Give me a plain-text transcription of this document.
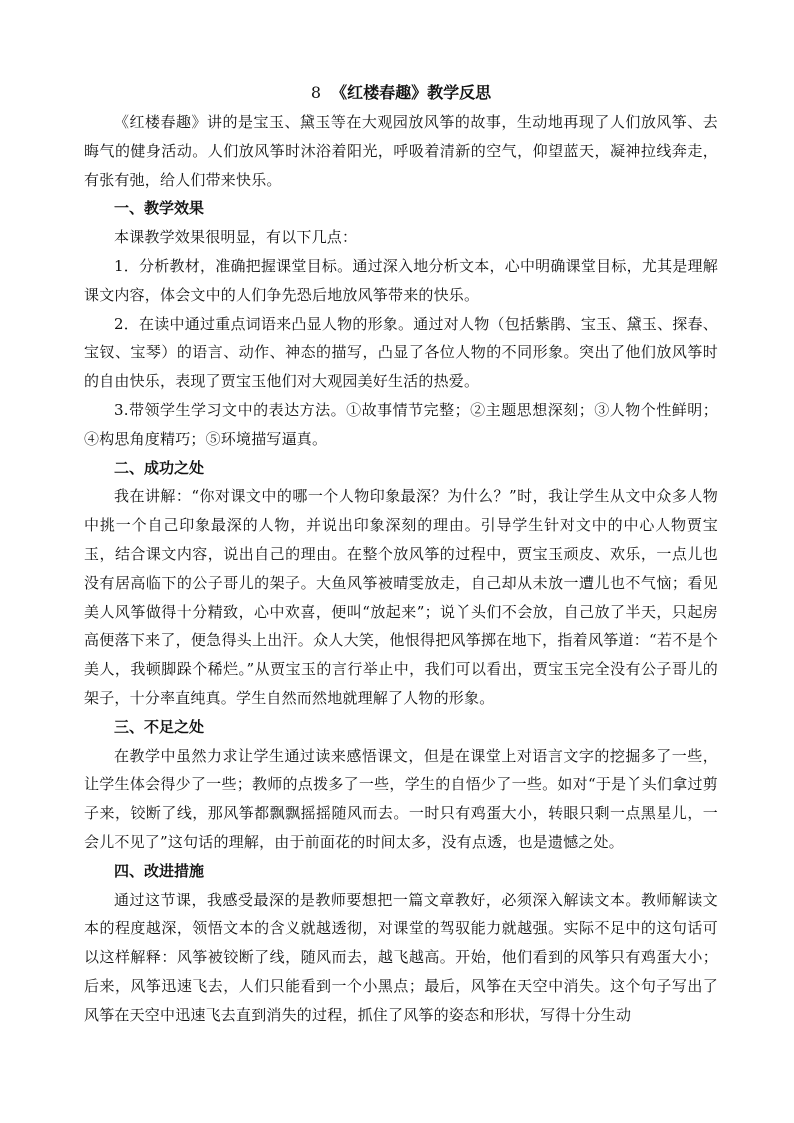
8 《红楼春趣》教学反思

《红楼春趣》讲的是宝玉、黛玉等在大观园放风筝的故事，生动地再现了人们放风筝、去晦气的健身活动。人们放风筝时沐浴着阳光，呼吸着清新的空气，仰望蓝天，凝神拉线奔走，有张有弛，给人们带来快乐。

一、教学效果

本课教学效果很明显，有以下几点：

1．分析教材，准确把握课堂目标。通过深入地分析文本，心中明确课堂目标，尤其是理解课文内容，体会文中的人们争先恐后地放风筝带来的快乐。

2．在读中通过重点词语来凸显人物的形象。通过对人物（包括紫鹃、宝玉、黛玉、探春、宝钗、宝琴）的语言、动作、神态的描写，凸显了各位人物的不同形象。突出了他们放风筝时的自由快乐，表现了贾宝玉他们对大观园美好生活的热爱。

3.带领学生学习文中的表达方法。①故事情节完整；②主题思想深刻；③人物个性鲜明；④构思角度精巧；⑤环境描写逼真。

二、成功之处

我在讲解：“你对课文中的哪一个人物印象最深？为什么？”时，我让学生从文中众多人物中挑一个自己印象最深的人物，并说出印象深刻的理由。引导学生针对文中的中心人物贾宝玉，结合课文内容，说出自己的理由。在整个放风筝的过程中，贾宝玉顽皮、欢乐，一点儿也没有居高临下的公子哥儿的架子。大鱼风筝被晴雯放走，自己却从未放一遭儿也不气恼；看见美人风筝做得十分精致，心中欢喜，便叫“放起来”；说丫头们不会放，自己放了半天，只起房高便落下来了，便急得头上出汗。众人大笑，他恨得把风筝掷在地下，指着风筝道：“若不是个美人，我顿脚跺个稀烂。”从贾宝玉的言行举止中，我们可以看出，贾宝玉完全没有公子哥儿的架子，十分率直纯真。学生自然而然地就理解了人物的形象。

三、不足之处

在教学中虽然力求让学生通过读来感悟课文，但是在课堂上对语言文字的挖掘多了一些，让学生体会得少了一些；教师的点拨多了一些，学生的自悟少了一些。如对“于是丫头们拿过剪子来，铰断了线，那风筝都飘飘摇摇随风而去。一时只有鸡蛋大小，转眼只剩一点黑星儿，一会儿不见了”这句话的理解，由于前面花的时间太多，没有点透，也是遗憾之处。

四、改进措施

通过这节课，我感受最深的是教师要想把一篇文章教好，必须深入解读文本。教师解读文本的程度越深，领悟文本的含义就越透彻，对课堂的驾驭能力就越强。实际不足中的这句话可以这样解释：风筝被铰断了线，随风而去，越飞越高。开始，他们看到的风筝只有鸡蛋大小；后来，风筝迅速飞去，人们只能看到一个小黑点；最后，风筝在天空中消失。这个句子写出了风筝在天空中迅速飞去直到消失的过程，抓住了风筝的姿态和形状，写得十分生动
